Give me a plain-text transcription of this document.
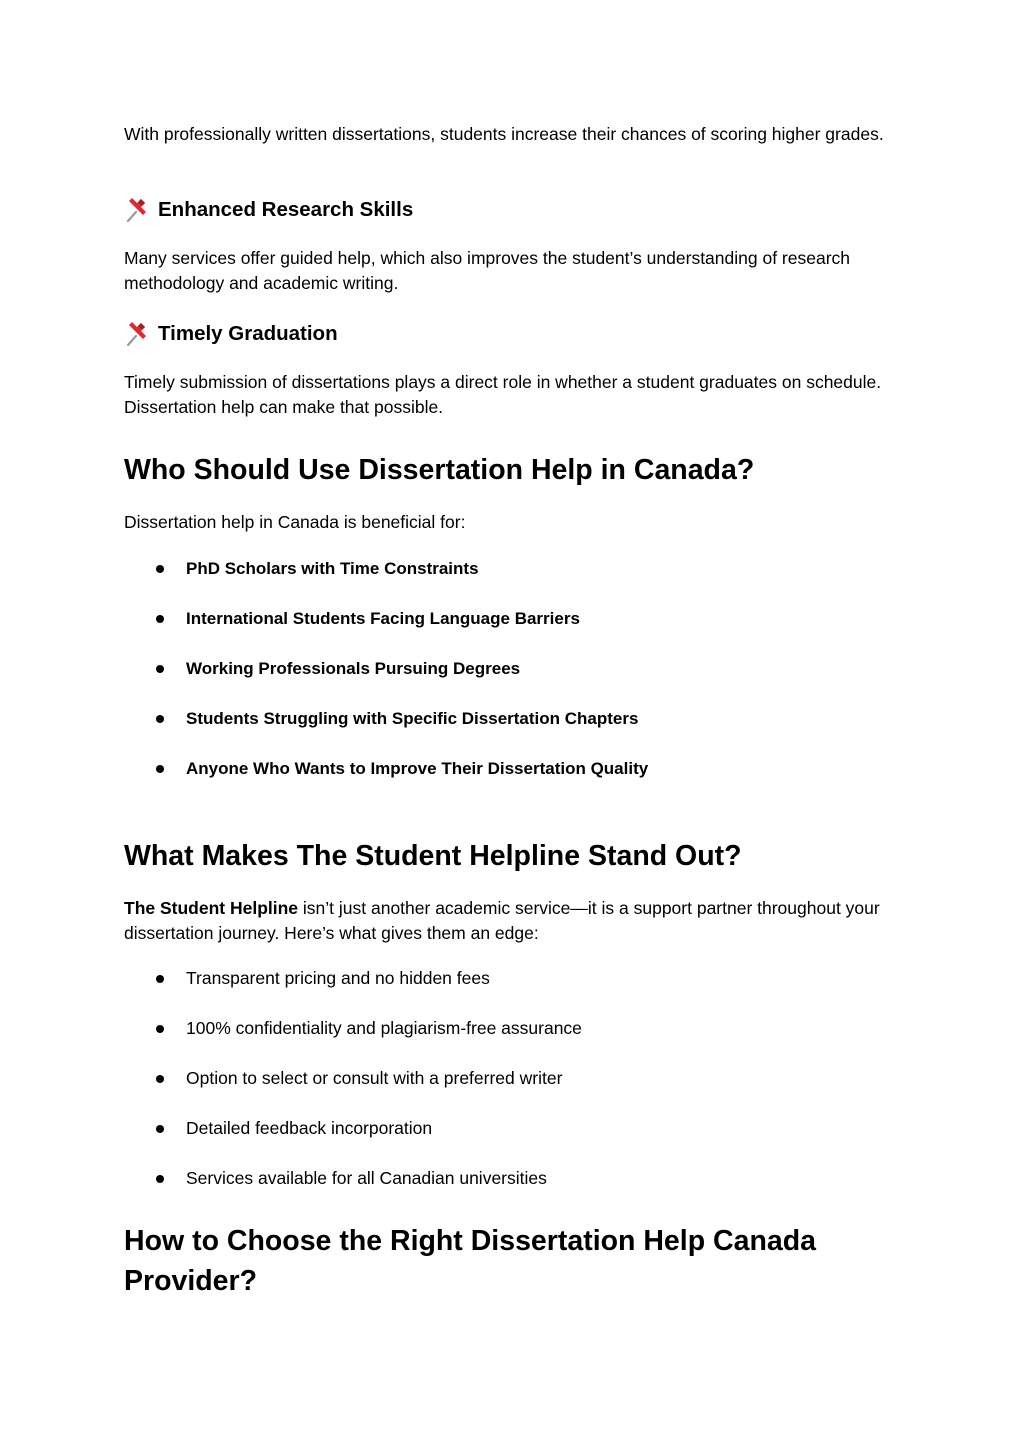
With professionally written dissertations, students increase their chances of scoring higher grades.

Enhanced Research Skills

Many services offer guided help, which also improves the student’s understanding of research methodology and academic writing.

Timely Graduation

Timely submission of dissertations plays a direct role in whether a student graduates on schedule. Dissertation help can make that possible.

Who Should Use Dissertation Help in Canada?

Dissertation help in Canada is beneficial for:

PhD Scholars with Time Constraints
International Students Facing Language Barriers
Working Professionals Pursuing Degrees
Students Struggling with Specific Dissertation Chapters
Anyone Who Wants to Improve Their Dissertation Quality
What Makes The Student Helpline Stand Out?

The Student Helpline isn’t just another academic service—it is a support partner throughout your dissertation journey. Here’s what gives them an edge:

Transparent pricing and no hidden fees
100% confidentiality and plagiarism-free assurance
Option to select or consult with a preferred writer
Detailed feedback incorporation
Services available for all Canadian universities
How to Choose the Right Dissertation Help Canada Provider?
